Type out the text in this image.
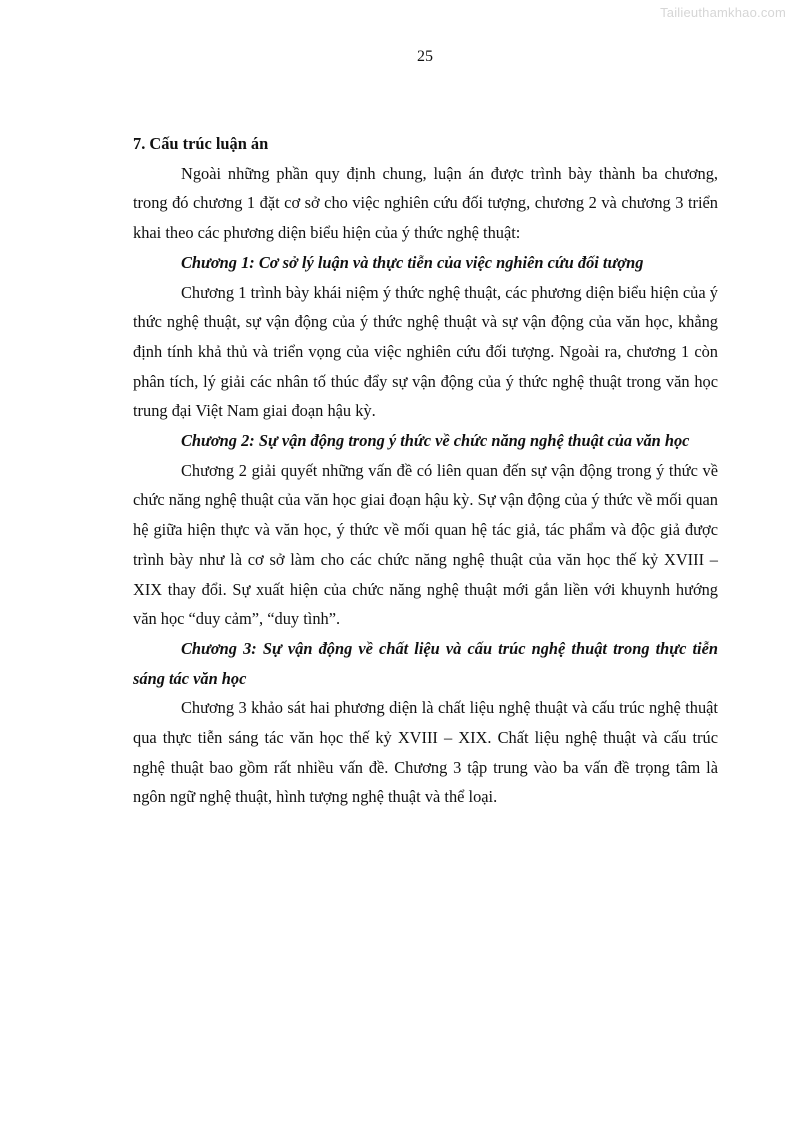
Tailieuthamkhao.com
25
7. Cấu trúc luận án

Ngoài những phần quy định chung, luận án được trình bày thành ba chương, trong đó chương 1 đặt cơ sở cho việc nghiên cứu đối tượng, chương 2 và chương 3 triển khai theo các phương diện biểu hiện của ý thức nghệ thuật:

Chương 1: Cơ sở lý luận và thực tiễn của việc nghiên cứu đối tượng

Chương 1 trình bày khái niệm ý thức nghệ thuật, các phương diện biểu hiện của ý thức nghệ thuật, sự vận động của ý thức nghệ thuật và sự vận động của văn học, khẳng định tính khả thủ và triển vọng của việc nghiên cứu đối tượng. Ngoài ra, chương 1 còn phân tích, lý giải các nhân tố thúc đẩy sự vận động của ý thức nghệ thuật trong văn học trung đại Việt Nam giai đoạn hậu kỳ.

Chương 2: Sự vận động trong ý thức về chức năng nghệ thuật của văn học

Chương 2 giải quyết những vấn đề có liên quan đến sự vận động trong ý thức về chức năng nghệ thuật của văn học giai đoạn hậu kỳ. Sự vận động của ý thức về mối quan hệ giữa hiện thực và văn học, ý thức về mối quan hệ tác giả, tác phẩm và độc giả được trình bày như là cơ sở làm cho các chức năng nghệ thuật của văn học thế kỷ XVIII – XIX thay đổi. Sự xuất hiện của chức năng nghệ thuật mới gắn liền với khuynh hướng văn học “duy cảm”, “duy tình”.

Chương 3: Sự vận động về chất liệu và cấu trúc nghệ thuật trong thực tiễn sáng tác văn học

Chương 3 khảo sát hai phương diện là chất liệu nghệ thuật và cấu trúc nghệ thuật qua thực tiễn sáng tác văn học thế kỷ XVIII – XIX. Chất liệu nghệ thuật và cấu trúc nghệ thuật bao gồm rất nhiều vấn đề. Chương 3 tập trung vào ba vấn đề trọng tâm là ngôn ngữ nghệ thuật, hình tượng nghệ thuật và thể loại.
